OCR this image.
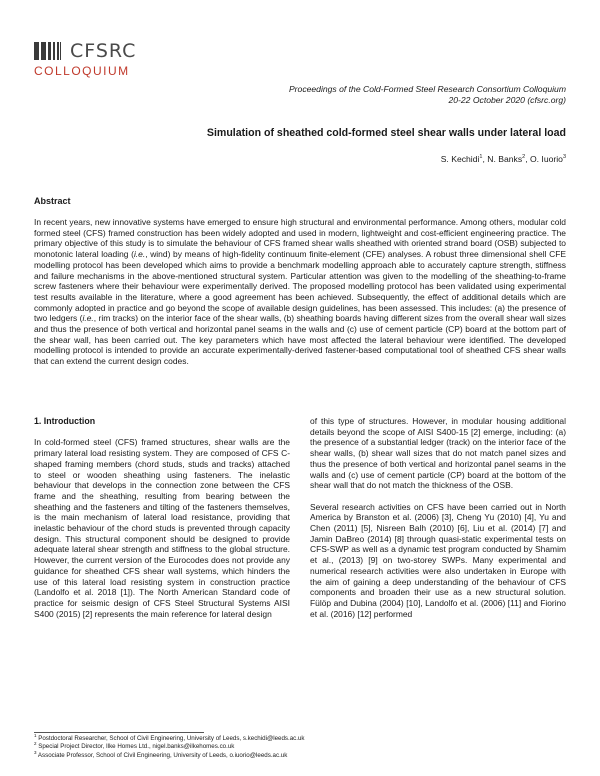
CFSRC
COLLOQUIUM
Proceedings of the Cold-Formed Steel Research Consortium Colloquium
20-22 October 2020 (cfsrc.org)
Simulation of sheathed cold-formed steel shear walls under lateral load
S. Kechidi$^1$, N. Banks$^2$, O. Iuorio$^3$
Abstract

In recent years, new innovative systems have emerged to ensure high structural and environmental performance. Among others, modular cold formed steel (CFS) framed construction has been widely adopted and used in modern, lightweight and cost-efficient engineering practice. The primary objective of this study is to simulate the behaviour of CFS framed shear walls sheathed with oriented strand board (OSB) subjected to monotonic lateral loading (i.e., wind) by means of high-fidelity continuum finite-element (CFE) analyses. A robust three dimensional shell CFE modelling protocol has been developed which aims to provide a benchmark modelling approach able to accurately capture strength, stiffness and failure mechanisms in the above-mentioned structural system. Particular attention was given to the modelling of the sheathing-to-frame screw fasteners where their behaviour were experimentally derived. The proposed modelling protocol has been validated using experimental test results available in the literature, where a good agreement has been achieved. Subsequently, the effect of additional details which are commonly adopted in practice and go beyond the scope of available design guidelines, has been assessed. This includes: (a) the presence of two ledgers (i.e., rim tracks) on the interior face of the shear walls, (b) sheathing boards having different sizes from the overall shear wall sizes and thus the presence of both vertical and horizontal panel seams in the walls and (c) use of cement particle (CP) board at the bottom part of the shear wall, has been carried out. The key parameters which have most affected the lateral behaviour were identified. The developed modelling protocol is intended to provide an accurate experimentally-derived fastener-based computational tool of sheathed CFS shear walls that can extend the current design codes.

1. Introduction

In cold-formed steel (CFS) framed structures, shear walls are the primary lateral load resisting system. They are composed of CFS C-shaped framing members (chord studs, studs and tracks) attached to steel or wooden sheathing using fasteners. The inelastic behaviour that develops in the connection zone between the CFS frame and the sheathing, resulting from bearing between the sheathing and the fasteners and tilting of the fasteners themselves, is the main mechanism of lateral load resistance, providing that inelastic behaviour of the chord studs is prevented through capacity design. This structural component should be designed to provide adequate lateral shear strength and stiffness to the global structure. However, the current version of the Eurocodes does not provide any guidance for sheathed CFS shear wall systems, which hinders the use of this lateral load resisting system in construction practice (Landolfo et al. 2018 [1]). The North American Standard code of practice for seismic design of CFS Steel Structural Systems AISI S400 (2015) [2] represents the main reference for lateral design

of this type of structures. However, in modular housing additional details beyond the scope of AISI S400-15 [2] emerge, including: (a) the presence of a substantial ledger (track) on the interior face of the shear walls, (b) shear wall sizes that do not match panel sizes and thus the presence of both vertical and horizontal panel seams in the walls and (c) use of cement particle (CP) board at the bottom of the shear wall that do not match the thickness of the OSB.

Several research activities on CFS have been carried out in North America by Branston et al. (2006) [3], Cheng Yu (2010) [4], Yu and Chen (2011) [5], Nisreen Balh (2010) [6], Liu et al. (2014) [7] and Jamin DaBreo (2014) [8] through quasi-static experimental tests on CFS-SWP as well as a dynamic test program conducted by Shamim et al., (2013) [9] on two-storey SWPs. Many experimental and numerical research activities were also undertaken in Europe with the aim of gaining a deep understanding of the behaviour of CFS components and broaden their use as a new structural solution. Fülöp and Dubina (2004) [10], Landolfo et al. (2006) [11] and Fiorino et al. (2016) [12] performed

$^1$ Postdoctoral Researcher, School of Civil Engineering, University of Leeds, s.kechidi@leeds.ac.uk
$^2$ Special Project Director, Ilke Homes Ltd., nigel.banks@ilkehomes.co.uk
$^3$ Associate Professor, School of Civil Engineering, University of Leeds, o.iuorio@leeds.ac.uk
